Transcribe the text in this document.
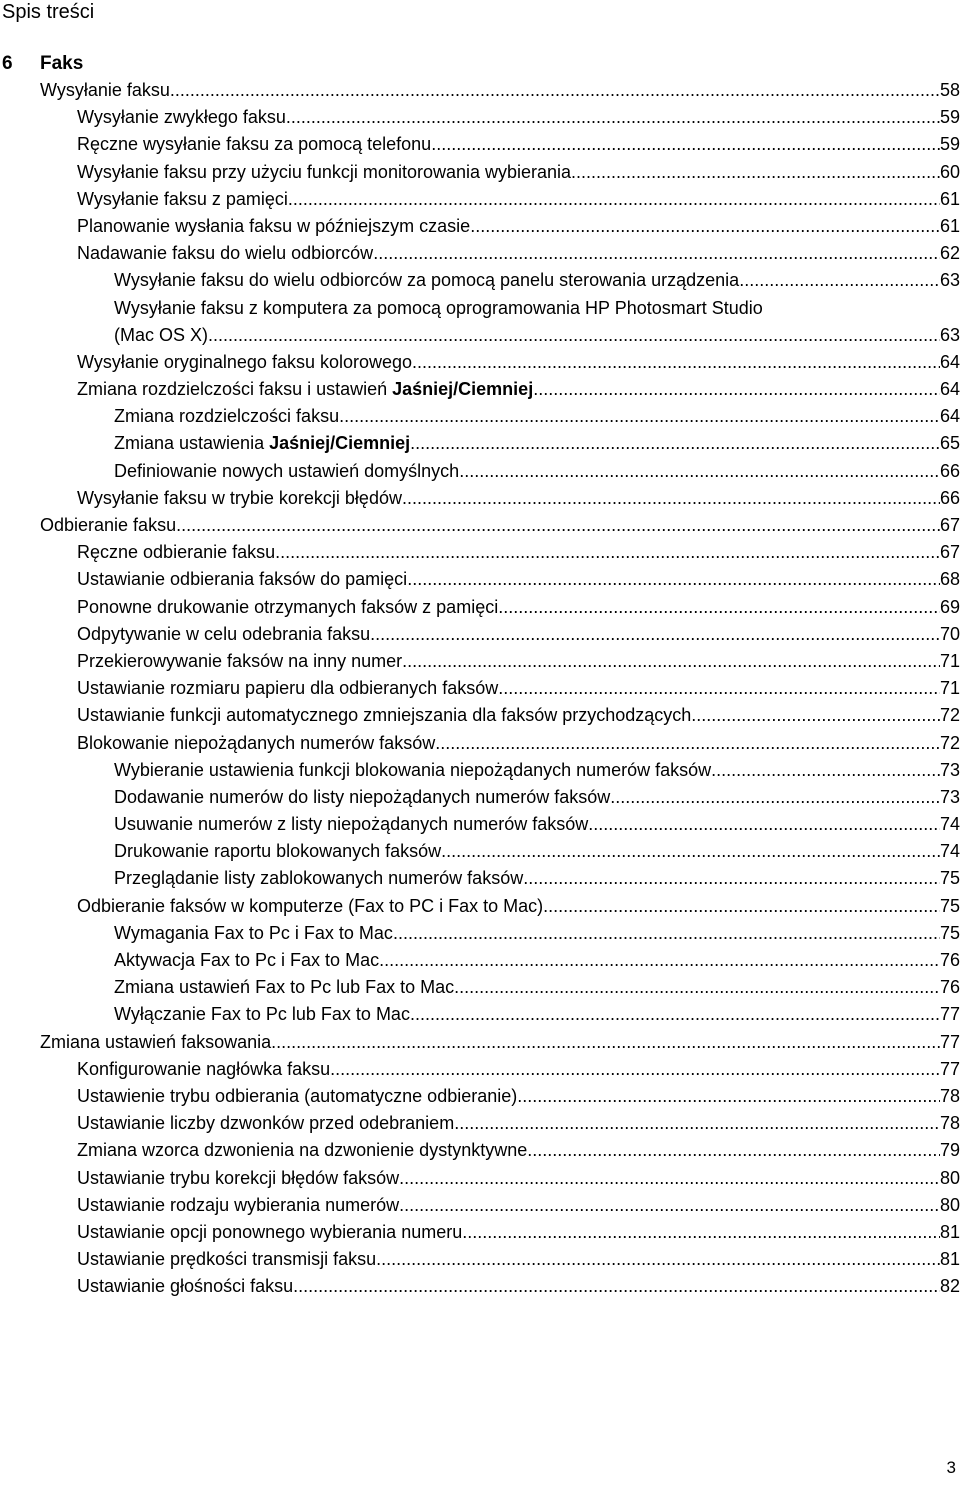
Spis treści
6 Faks
Wysyłanie faksu .....	58
Wysyłanie zwykłego faksu .....	59
Ręczne wysyłanie faksu za pomocą telefonu .....	59
Wysyłanie faksu przy użyciu funkcji monitorowania wybierania .....	60
Wysyłanie faksu z pamięci .....	61
Planowanie wysłania faksu w późniejszym czasie .....	61
Nadawanie faksu do wielu odbiorców .....	62
Wysyłanie faksu do wielu odbiorców za pomocą panelu sterowania urządzenia .....	63
Wysyłanie faksu z komputera za pomocą oprogramowania HP Photosmart Studio
(Mac OS X) .....	63
Wysyłanie oryginalnego faksu kolorowego .....	64
Zmiana rozdzielczości faksu i ustawień Jaśniej/Ciemniej .....	64
Zmiana rozdzielczości faksu .....	64
Zmiana ustawienia Jaśniej/Ciemniej .....	65
Definiowanie nowych ustawień domyślnych .....	66
Wysyłanie faksu w trybie korekcji błędów .....	66
Odbieranie faksu .....	67
Ręczne odbieranie faksu .....	67
Ustawianie odbierania faksów do pamięci .....	68
Ponowne drukowanie otrzymanych faksów z pamięci .....	69
Odpytywanie w celu odebrania faksu .....	70
Przekierowywanie faksów na inny numer .....	71
Ustawianie rozmiaru papieru dla odbieranych faksów .....	71
Ustawianie funkcji automatycznego zmniejszania dla faksów przychodzących .....	72
Blokowanie niepożądanych numerów faksów .....	72
Wybieranie ustawienia funkcji blokowania niepożądanych numerów faksów .....	73
Dodawanie numerów do listy niepożądanych numerów faksów .....	73
Usuwanie numerów z listy niepożądanych numerów faksów .....	74
Drukowanie raportu blokowanych faksów .....	74
Przeglądanie listy zablokowanych numerów faksów .....	75
Odbieranie faksów w komputerze (Fax to PC i Fax to Mac) .....	75
Wymagania Fax to Pc i Fax to Mac .....	75
Aktywacja Fax to Pc i Fax to Mac .....	76
Zmiana ustawień Fax to Pc lub Fax to Mac .....	76
Wyłączanie Fax to Pc lub Fax to Mac .....	77
Zmiana ustawień faksowania .....	77
Konfigurowanie nagłówka faksu .....	77
Ustawienie trybu odbierania (automatyczne odbieranie) .....	78
Ustawianie liczby dzwonków przed odebraniem .....	78
Zmiana wzorca dzwonienia na dzwonienie dystynktywne .....	79
Ustawianie trybu korekcji błędów faksów .....	80
Ustawianie rodzaju wybierania numerów .....	80
Ustawianie opcji ponownego wybierania numeru .....	81
Ustawianie prędkości transmisji faksu .....	81
Ustawianie głośności faksu .....	82
3
